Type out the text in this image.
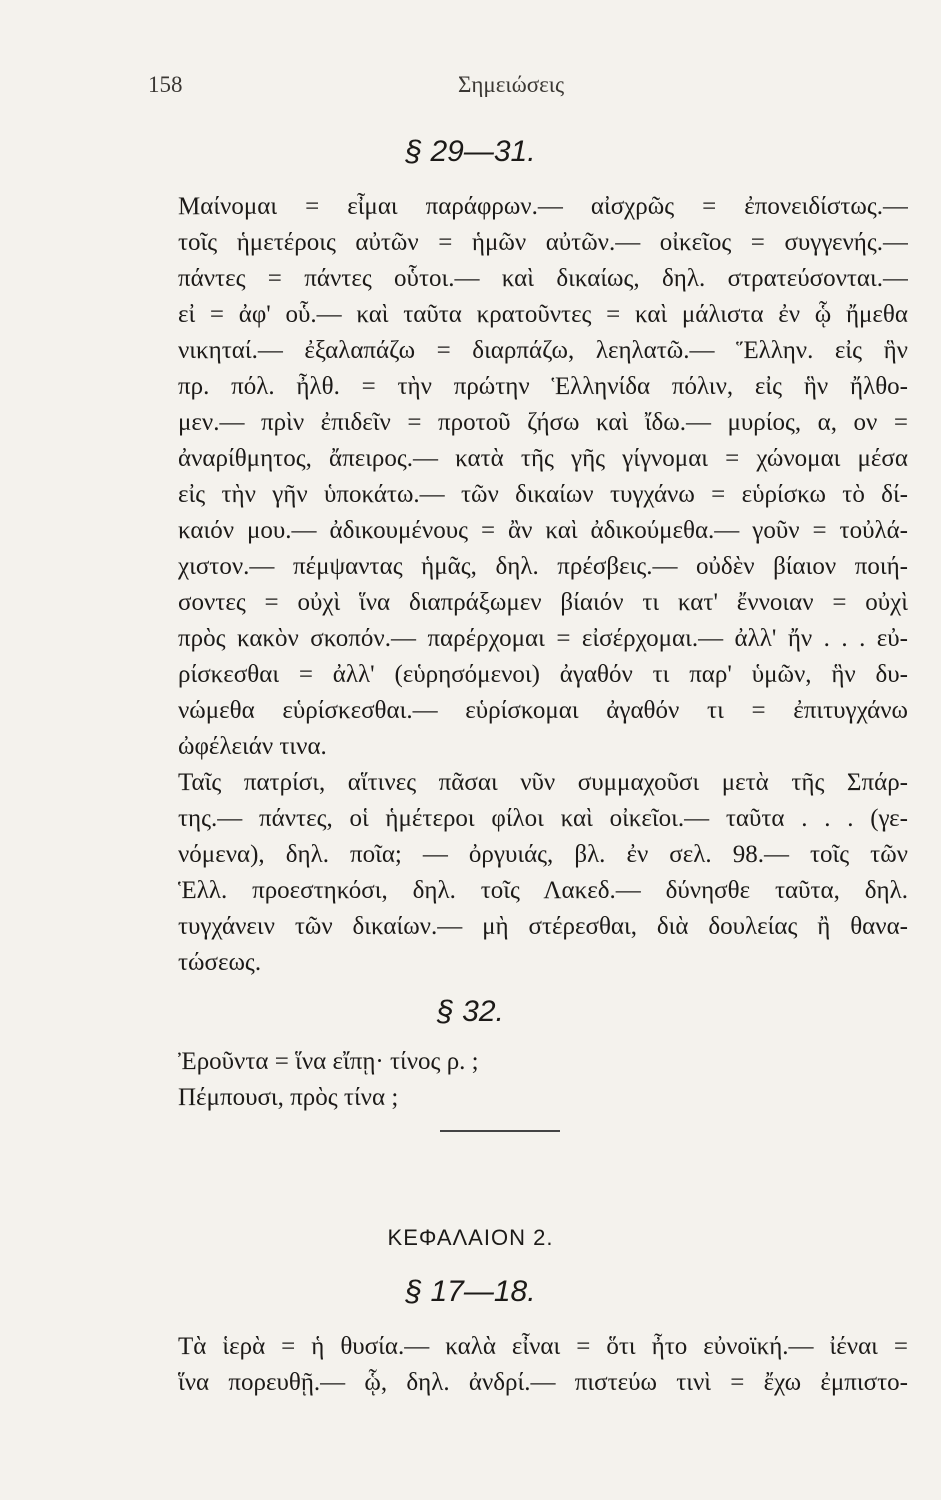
158	Σημειώσεις
§ 29—31.
Μαίνομαι = εἶμαι παράφρων.— αἰσχρῶς = ἐπονειδίστως.—
τοῖς ἡμετέροις αὐτῶν = ἡμῶν αὐτῶν.— οἰκεῖος = συγγενής.—
πάντες = πάντες οὗτοι.— καὶ δικαίως, δηλ. στρατεύσονται.—
εἰ = ἀφ' οὗ.— καὶ ταῦτα κρατοῦντες = καὶ μάλιστα ἐν ᾧ ἤμεθα
νικηταί.— ἐξαλαπάζω = διαρπάζω, λεηλατῶ.— Ἕλλην. εἰς ἣν
πρ. πόλ. ἦλθ. = τὴν πρώτην Ἑλληνίδα πόλιν, εἰς ἣν ἤλθο-
μεν.— πρὶν ἐπιδεῖν = προτοῦ ζήσω καὶ ἴδω.— μυρίος, α, ον =
ἀναρίθμητος, ἄπειρος.— κατὰ τῆς γῆς γίγνομαι = χώνομαι μέσα
εἰς τὴν γῆν ὑποκάτω.— τῶν δικαίων τυγχάνω = εὑρίσκω τὸ δί-
καιόν μου.— ἀδικουμένους = ἂν καὶ ἀδικούμεθα.— γοῦν = τοὐλά-
χιστον.— πέμψαντας ἡμᾶς, δηλ. πρέσβεις.— οὐδὲν βίαιον ποιή-
σοντες = οὐχὶ ἵνα διαπράξωμεν βίαιόν τι κατ' ἔννοιαν = οὐχὶ
πρὸς κακὸν σκοπόν.— παρέρχομαι = εἰσέρχομαι.— ἀλλ' ἤν . . . εὐ-
ρίσκεσθαι = ἀλλ' (εὑρησόμενοι) ἀγαθόν τι παρ' ὑμῶν, ἣν δυ-
νώμεθα εὑρίσκεσθαι.— εὑρίσκομαι ἀγαθόν τι = ἐπιτυγχάνω
ὠφέλειάν τινα.
Ταῖς πατρίσι, αἵτινες πᾶσαι νῦν συμμαχοῦσι μετὰ τῆς Σπάρ-
της.— πάντες, οἱ ἡμέτεροι φίλοι καὶ οἰκεῖοι.— ταῦτα . . . (γε-
νόμενα), δηλ. ποῖα; — ὀργυιάς, βλ. ἐν σελ. 98.— τοῖς τῶν
Ἑλλ. προεστηκόσι, δηλ. τοῖς Λακεδ.— δύνησθε ταῦτα, δηλ.
τυγχάνειν τῶν δικαίων.— μὴ στέρεσθαι, διὰ δουλείας ἢ θανα-
τώσεως.
§ 32.
Ἐροῦντα = ἵνα εἴπῃ· τίνος ρ. ;
Πέμπουσι, πρὸς τίνα ;
ΚΕΦΑΛΑΙΟΝ 2.
§ 17—18.
Τὰ ἱερὰ = ἡ θυσία.— καλὰ εἶναι = ὅτι ἦτο εὐνοϊκή.— ἰέναι =
ἵνα πορευθῇ.— ᾧ, δηλ. ἀνδρί.— πιστεύω τινὶ = ἔχω ἐμπιστο-
